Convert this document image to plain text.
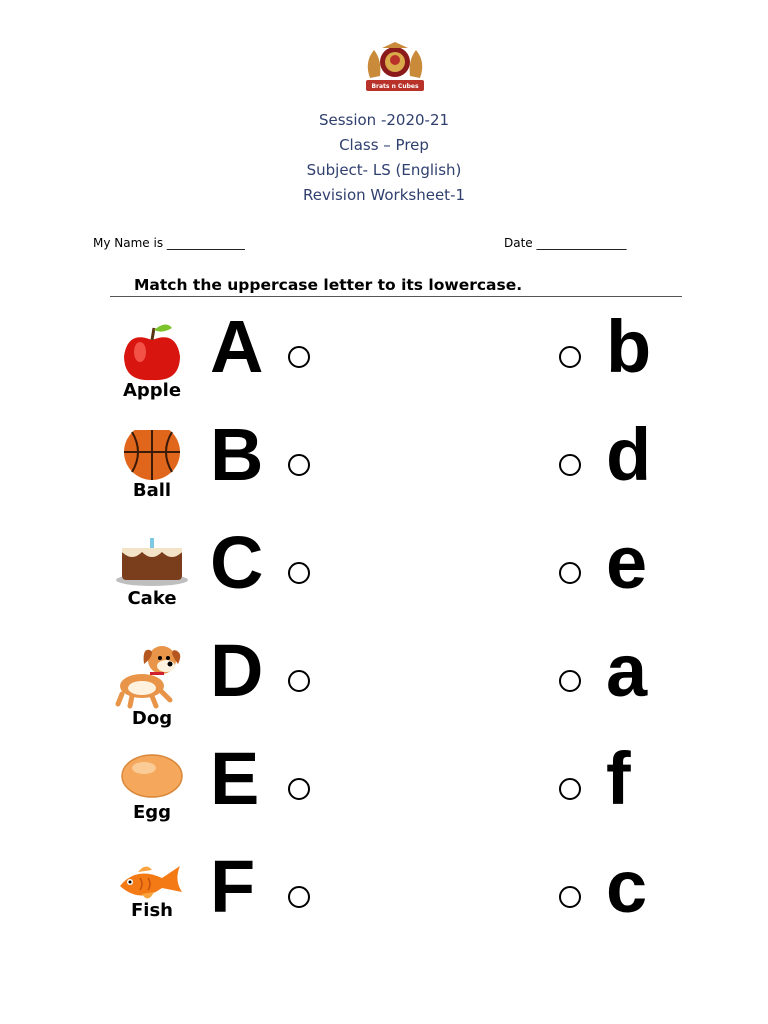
Brats n Cubes
Session -2020-21
Class – Prep
Subject- LS (English)
Revision Worksheet-1
My Name is _____________	Date _______________
Match the uppercase letter to its lowercase.
Apple
A	b
Ball B	d
Cake C	e
Dog
D	a
Egg E	f
Fish F	c
